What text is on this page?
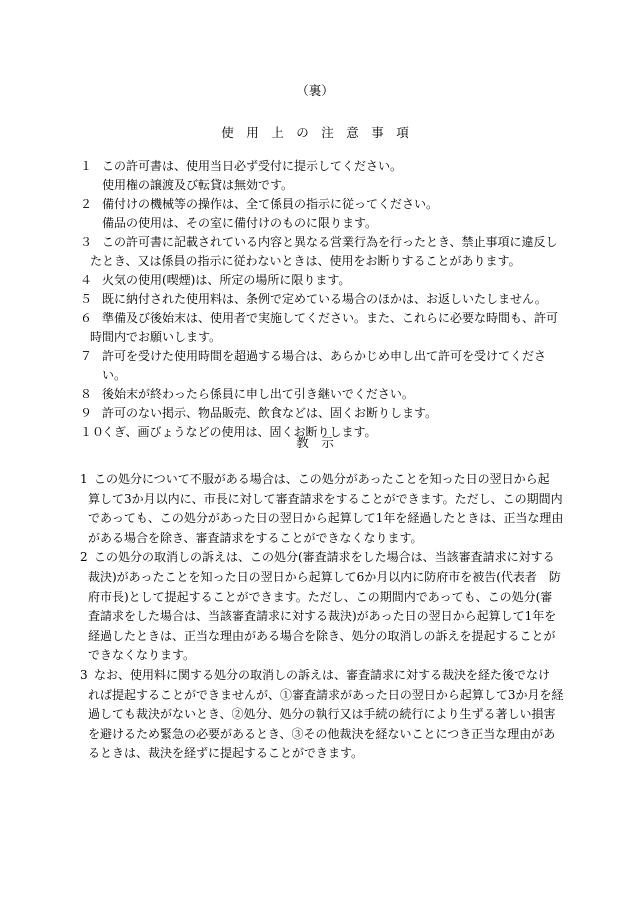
（裏）
使　用　上　の　注　意　事　項
１ この許可書は、使用当日必ず受付に提示してください。
使用権の譲渡及び転貸は無効です。
２ 備付けの機械等の操作は、全て係員の指示に従ってください。
備品の使用は、その室に備付けのものに限ります。
３ この許可書に記載されている内容と異なる営業行為を行ったとき、禁止事項に違反し
たとき、又は係員の指示に従わないときは、使用をお断りすることがあります。
４ 火気の使用(喫煙)は、所定の場所に限ります。
５ 既に納付された使用料は、条例で定めている場合のほかは、お返しいたしません。
６ 準備及び後始末は、使用者で実施してください。また、これらに必要な時間も、許可
時間内でお願いします。
７ 許可を受けた使用時間を超過する場合は、あらかじめ申し出て許可を受けてくださ
い。
８ 後始末が終わったら係員に申し出て引き継いでください。
９ 許可のない掲示、物品販売、飲食などは、固くお断りします。
１０
くぎ、画びょうなどの使用は、固くお断りします。
教　示
1 この処分について不服がある場合は、この処分があったことを知った日の翌日から起
算して3か月以内に、市長に対して審査請求をすることができます。ただし、この期間内
であっても、この処分があった日の翌日から起算して1年を経過したときは、正当な理由
がある場合を除き、審査請求をすることができなくなります。
2 この処分の取消しの訴えは、この処分(審査請求をした場合は、当該審査請求に対する
裁決)があったことを知った日の翌日から起算して6か月以内に防府市を被告(代表者　防
府市長)として提起することができます。ただし、この期間内であっても、この処分(審
査請求をした場合は、当該審査請求に対する裁決)があった日の翌日から起算して1年を
経過したときは、正当な理由がある場合を除き、処分の取消しの訴えを提起することが
できなくなります。
3 なお、使用料に関する処分の取消しの訴えは、審査請求に対する裁決を経た後でなけ
れば提起することができませんが、①審査請求があった日の翌日から起算して3か月を経
過しても裁決がないとき、②処分、処分の執行又は手続の続行により生ずる著しい損害
を避けるため緊急の必要があるとき、③その他裁決を経ないことにつき正当な理由があ
るときは、裁決を経ずに提起することができます。
